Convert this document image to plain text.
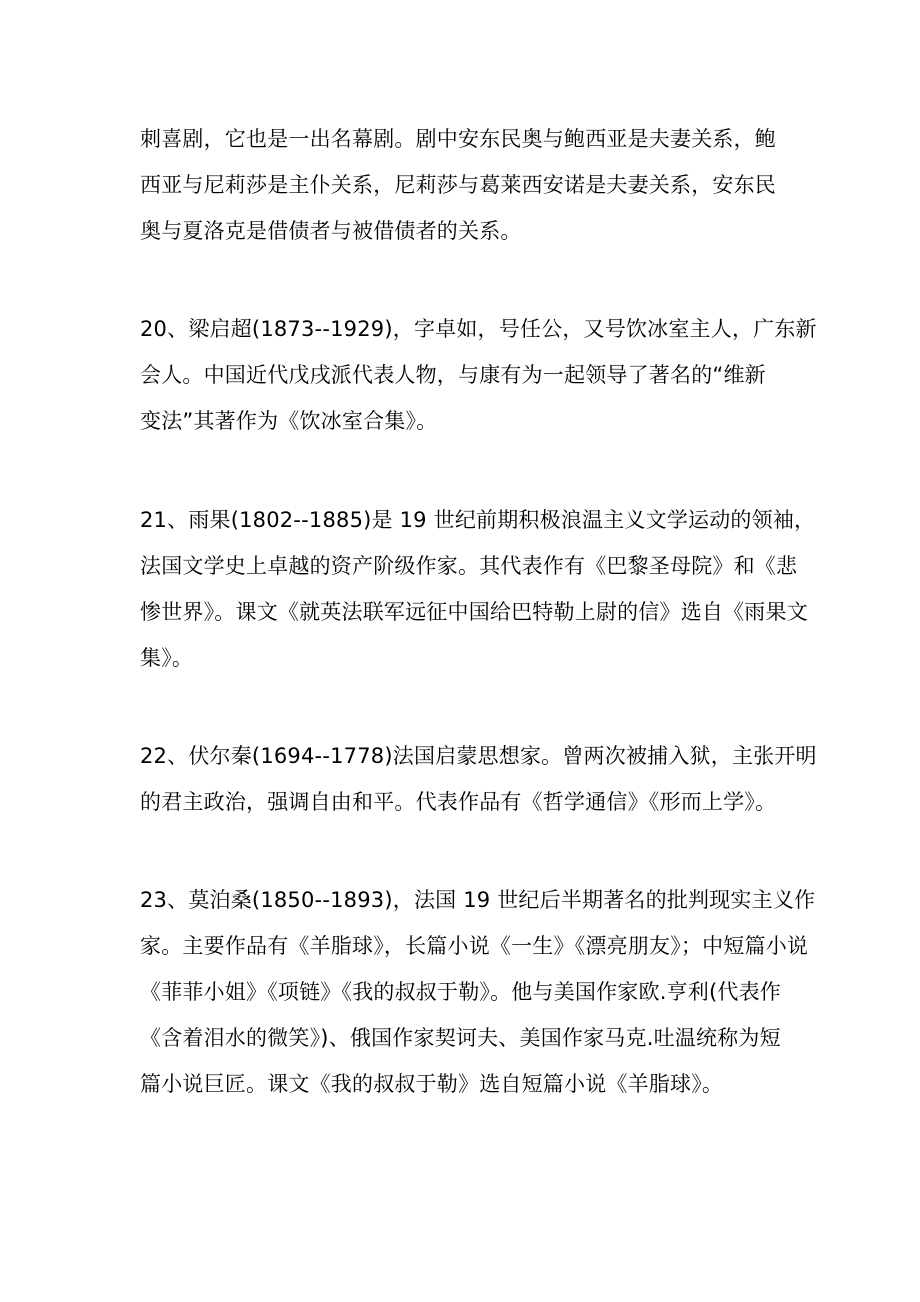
刺喜剧，它也是一出名幕剧。剧中安东民奥与鲍西亚是夫妻关系，鲍
西亚与尼莉莎是主仆关系，尼莉莎与葛莱西安诺是夫妻关系，安东民
奥与夏洛克是借债者与被借债者的关系。

20、梁启超(1873--1929)，字卓如，号任公，又号饮冰室主人，广东新
会人。中国近代戊戌派代表人物，与康有为一起领导了著名的“维新
变法”其著作为《饮冰室合集》。

21、雨果(1802--1885)是 19 世纪前期积极浪温主义文学运动的领袖，
法国文学史上卓越的资产阶级作家。其代表作有《巴黎圣母院》和《悲
惨世界》。课文《就英法联军远征中国给巴特勒上尉的信》选自《雨果文
集》。

22、伏尔秦(1694--1778)法国启蒙思想家。曾两次被捕入狱，主张开明
的君主政治，强调自由和平。代表作品有《哲学通信》《形而上学》。

23、莫泊桑(1850--1893)，法国 19 世纪后半期著名的批判现实主义作
家。主要作品有《羊脂球》，长篇小说《一生》《漂亮朋友》；中短篇小说
《菲菲小姐》《项链》《我的叔叔于勒》。他与美国作家欧.亨利(代表作
《含着泪水的微笑》)、俄国作家契诃夫、美国作家马克.吐温统称为短
篇小说巨匠。课文《我的叔叔于勒》选自短篇小说《羊脂球》。
